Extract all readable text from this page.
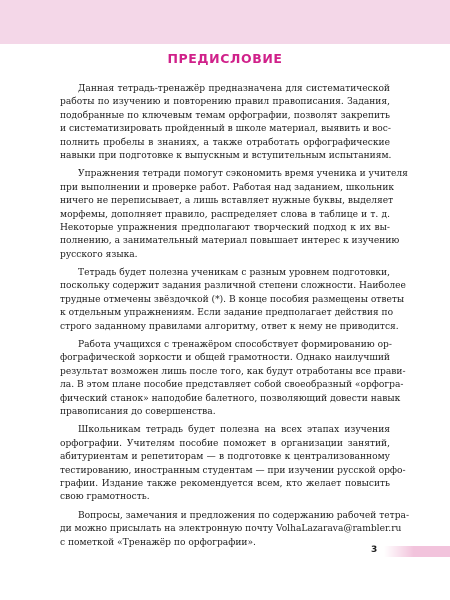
ПРЕДИСЛОВИЕ
Данная тетрадь-тренажёр предназначена для систематической
работы по изучению и повторению правил правописания. Задания,
подобранные по ключевым темам орфографии, позволят закрепить
и систематизировать пройденный в школе материал, выявить и вос-
полнить пробелы в знаниях, а также отработать орфографические
навыки при подготовке к выпускным и вступительным испытаниям.
Упражнения тетради помогут сэкономить время ученика и учителя
при выполнении и проверке работ. Работая над заданием, школьник
ничего не переписывает, а лишь вставляет нужные буквы, выделяет
морфемы, дополняет правило, распределяет слова в таблице и т. д.
Некоторые упражнения предполагают творческий подход к их вы-
полнению, а занимательный материал повышает интерес к изучению
русского языка.
Тетрадь будет полезна ученикам с разным уровнем подготовки,
поскольку содержит задания различной степени сложности. Наиболее
трудные отмечены звёздочкой (*). В конце пособия размещены ответы
к отдельным упражнениям. Если задание предполагает действия по
строго заданному правилами алгоритму, ответ к нему не приводится.
Работа учащихся с тренажёром способствует формированию ор-
фографической зоркости и общей грамотности. Однако наилучший
результат возможен лишь после того, как будут отработаны все прави-
ла. В этом плане пособие представляет собой своеобразный «орфогра-
фический станок» наподобие балетного, позволяющий довести навык
правописания до совершенства.
Школьникам тетрадь будет полезна на всех этапах изучения
орфографии. Учителям пособие поможет в организации занятий,
абитуриентам и репетиторам — в подготовке к централизованному
тестированию, иностранным студентам — при изучении русской орфо-
графии. Издание также рекомендуется всем, кто желает повысить
свою грамотность.
Вопросы, замечания и предложения по содержанию рабочей тетра-
ди можно присылать на электронную почту VolhaLazarava@rambler.ru
с пометкой «Тренажёр по орфографии».
3
